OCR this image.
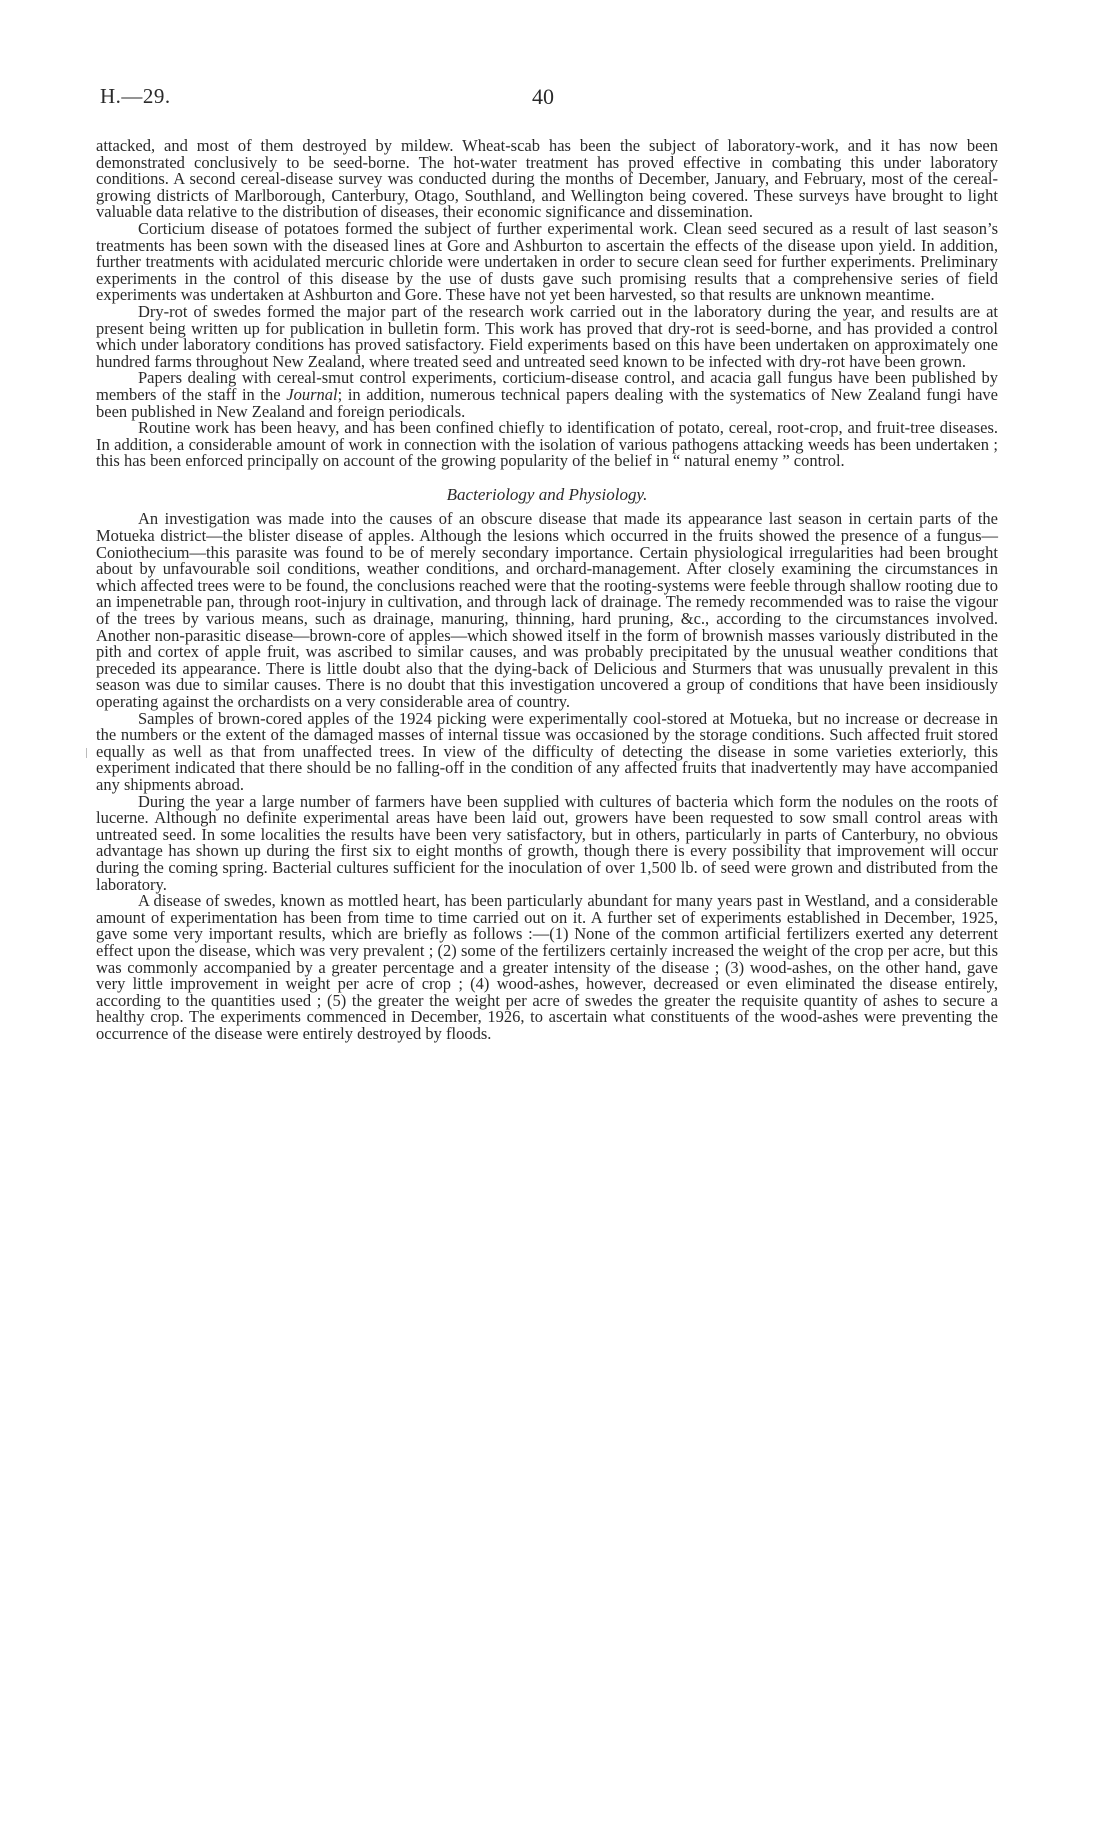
H.—29.	40

attacked, and most of them destroyed by mildew. Wheat-scab has been the subject of laboratory-work, and it has now been demonstrated conclusively to be seed-borne. The hot-water treatment has proved effective in combating this under laboratory conditions. A second cereal-disease survey was conducted during the months of December, January, and February, most of the cereal-growing districts of Marlborough, Canterbury, Otago, Southland, and Wellington being covered. These surveys have brought to light valuable data relative to the distribution of diseases, their economic significance and dissemination.

Corticium disease of potatoes formed the subject of further experimental work. Clean seed secured as a result of last season’s treatments has been sown with the diseased lines at Gore and Ashburton to ascertain the effects of the disease upon yield. In addition, further treatments with acidulated mercuric chloride were undertaken in order to secure clean seed for further experiments. Preliminary experiments in the control of this disease by the use of dusts gave such promising results that a comprehensive series of field experiments was undertaken at Ashburton and Gore. These have not yet been harvested, so that results are unknown meantime.

Dry-rot of swedes formed the major part of the research work carried out in the laboratory during the year, and results are at present being written up for publication in bulletin form. This work has proved that dry-rot is seed-borne, and has provided a control which under laboratory conditions has proved satisfactory. Field experiments based on this have been undertaken on approximately one hundred farms throughout New Zealand, where treated seed and untreated seed known to be infected with dry-rot have been grown.

Papers dealing with cereal-smut control experiments, corticium-disease control, and acacia gall fungus have been published by members of the staff in the Journal; in addition, numerous technical papers dealing with the systematics of New Zealand fungi have been published in New Zealand and foreign periodicals.

Routine work has been heavy, and has been confined chiefly to identification of potato, cereal, root-crop, and fruit-tree diseases. In addition, a considerable amount of work in connection with the isolation of various pathogens attacking weeds has been undertaken ; this has been enforced principally on account of the growing popularity of the belief in “ natural enemy ” control.

Bacteriology and Physiology.

An investigation was made into the causes of an obscure disease that made its appearance last season in certain parts of the Motueka district—the blister disease of apples. Although the lesions which occurred in the fruits showed the presence of a fungus—Coniothecium—this parasite was found to be of merely secondary importance. Certain physiological irregularities had been brought about by unfavourable soil conditions, weather conditions, and orchard-management. After closely examining the circumstances in which affected trees were to be found, the conclusions reached were that the rooting-systems were feeble through shallow rooting due to an impenetrable pan, through root-injury in cultivation, and through lack of drainage. The remedy recommended was to raise the vigour of the trees by various means, such as drainage, manuring, thinning, hard pruning, &c., according to the circumstances involved. Another non-parasitic disease—brown-core of apples—which showed itself in the form of brownish masses variously distributed in the pith and cortex of apple fruit, was ascribed to similar causes, and was probably precipitated by the unusual weather conditions that preceded its appearance. There is little doubt also that the dying-back of Delicious and Sturmers that was unusually prevalent in this season was due to similar causes. There is no doubt that this investigation uncovered a group of conditions that have been insidiously operating against the orchardists on a very considerable area of country.

Samples of brown-cored apples of the 1924 picking were experimentally cool-stored at Motueka, but no increase or decrease in the numbers or the extent of the damaged masses of internal tissue was occasioned by the storage conditions. Such affected fruit stored equally as well as that from unaffected trees. In view of the difficulty of detecting the disease in some varieties exteriorly, this experiment indicated that there should be no falling-off in the condition of any affected fruits that inadvertently may have accompanied any shipments abroad.

During the year a large number of farmers have been supplied with cultures of bacteria which form the nodules on the roots of lucerne. Although no definite experimental areas have been laid out, growers have been requested to sow small control areas with untreated seed. In some localities the results have been very satisfactory, but in others, particularly in parts of Canterbury, no obvious advantage has shown up during the first six to eight months of growth, though there is every possibility that improvement will occur during the coming spring. Bacterial cultures sufficient for the inoculation of over 1,500 lb. of seed were grown and distributed from the laboratory.

A disease of swedes, known as mottled heart, has been particularly abundant for many years past in Westland, and a considerable amount of experimentation has been from time to time carried out on it. A further set of experiments established in December, 1925, gave some very important results, which are briefly as follows :—(1) None of the common artificial fertilizers exerted any deterrent effect upon the disease, which was very prevalent ; (2) some of the fertilizers certainly increased the weight of the crop per acre, but this was commonly accompanied by a greater percentage and a greater intensity of the disease ; (3) wood-ashes, on the other hand, gave very little improvement in weight per acre of crop ; (4) wood-ashes, however, decreased or even eliminated the disease entirely, according to the quantities used ; (5) the greater the weight per acre of swedes the greater the requisite quantity of ashes to secure a healthy crop. The experiments commenced in December, 1926, to ascertain what constituents of the wood-ashes were preventing the occurrence of the disease were entirely destroyed by floods.
